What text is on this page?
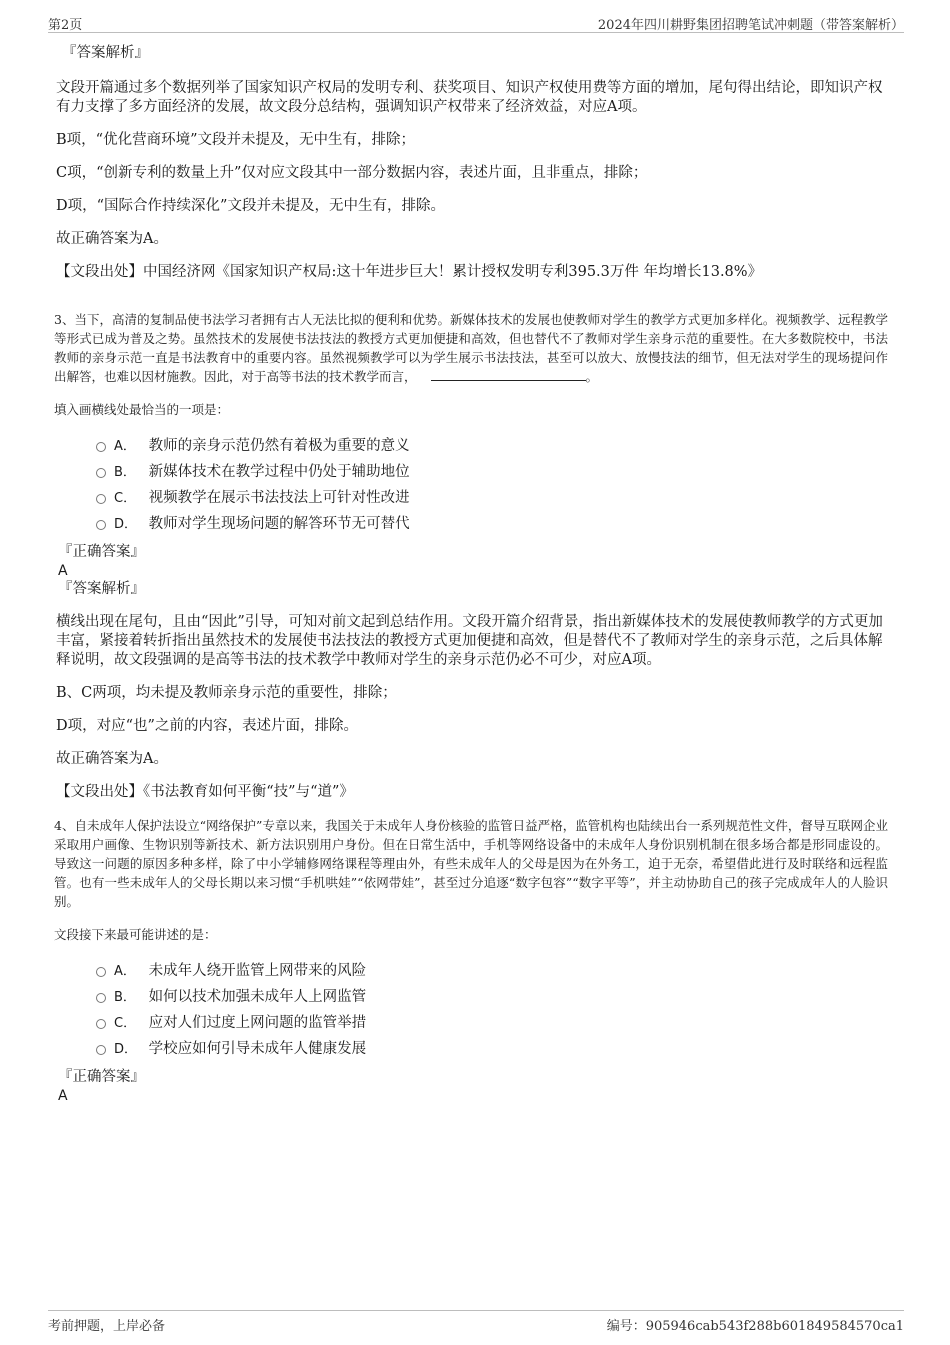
第2页	2024年四川耕野集团招聘笔试冲刺题（带答案解析）
『答案解析』
文段开篇通过多个数据列举了国家知识产权局的发明专利、获奖项目、知识产权使用费等方面的增加，尾句得出结论，即知识产权有力支撑了多方面经济的发展，故文段分总结构，强调知识产权带来了经济效益，对应A项。
B项，“优化营商环境”文段并未提及，无中生有，排除；
C项，“创新专利的数量上升”仅对应文段其中一部分数据内容，表述片面，且非重点，排除；
D项，“国际合作持续深化”文段并未提及，无中生有，排除。
故正确答案为A。
【文段出处】中国经济网《国家知识产权局:这十年进步巨大！累计授权发明专利395.3万件 年均增长13.8%》
3、当下，高清的复制品使书法学习者拥有古人无法比拟的便利和优势。新媒体技术的发展也使教师对学生的教学方式更加多样化。视频教学、远程教学等形式已成为普及之势。虽然技术的发展使书法技法的教授方式更加便捷和高效，但也替代不了教师对学生亲身示范的重要性。在大多数院校中，书法教师的亲身示范一直是书法教育中的重要内容。虽然视频教学可以为学生展示书法技法，甚至可以放大、放慢技法的细节，但无法对学生的现场提问作出解答，也难以因材施教。因此，对于高等书法的技术教学而言，	。
填入画横线处最恰当的一项是：
A． 教师的亲身示范仍然有着极为重要的意义
B． 新媒体技术在教学过程中仍处于辅助地位
C． 视频教学在展示书法技法上可针对性改进
D． 教师对学生现场问题的解答环节无可替代
『正确答案』
A
『答案解析』
横线出现在尾句，且由“因此”引导，可知对前文起到总结作用。文段开篇介绍背景，指出新媒体技术的发展使教师教学的方式更加丰富，紧接着转折指出虽然技术的发展使书法技法的教授方式更加便捷和高效，但是替代不了教师对学生的亲身示范，之后具体解释说明，故文段强调的是高等书法的技术教学中教师对学生的亲身示范仍必不可少，对应A项。
B、C两项，均未提及教师亲身示范的重要性，排除；
D项，对应“也”之前的内容，表述片面，排除。
故正确答案为A。
【文段出处】《书法教育如何平衡“技”与“道”》
4、自未成年人保护法设立“网络保护”专章以来，我国关于未成年人身份核验的监管日益严格，监管机构也陆续出台一系列规范性文件，督导互联网企业采取用户画像、生物识别等新技术、新方法识别用户身份。但在日常生活中，手机等网络设备中的未成年人身份识别机制在很多场合都是形同虚设的。导致这一问题的原因多种多样，除了中小学辅修网络课程等理由外，有些未成年人的父母是因为在外务工，迫于无奈，希望借此进行及时联络和远程监管。也有一些未成年人的父母长期以来习惯“手机哄娃”“依网带娃”，甚至过分追逐“数字包容”“数字平等”，并主动协助自己的孩子完成成年人的人脸识别。
文段接下来最可能讲述的是：
A． 未成年人绕开监管上网带来的风险
B． 如何以技术加强未成年人上网监管
C． 应对人们过度上网问题的监管举措
D． 学校应如何引导未成年人健康发展
『正确答案』
A
考前押题，上岸必备	编号：905946cab543f288b601849584570ca1
